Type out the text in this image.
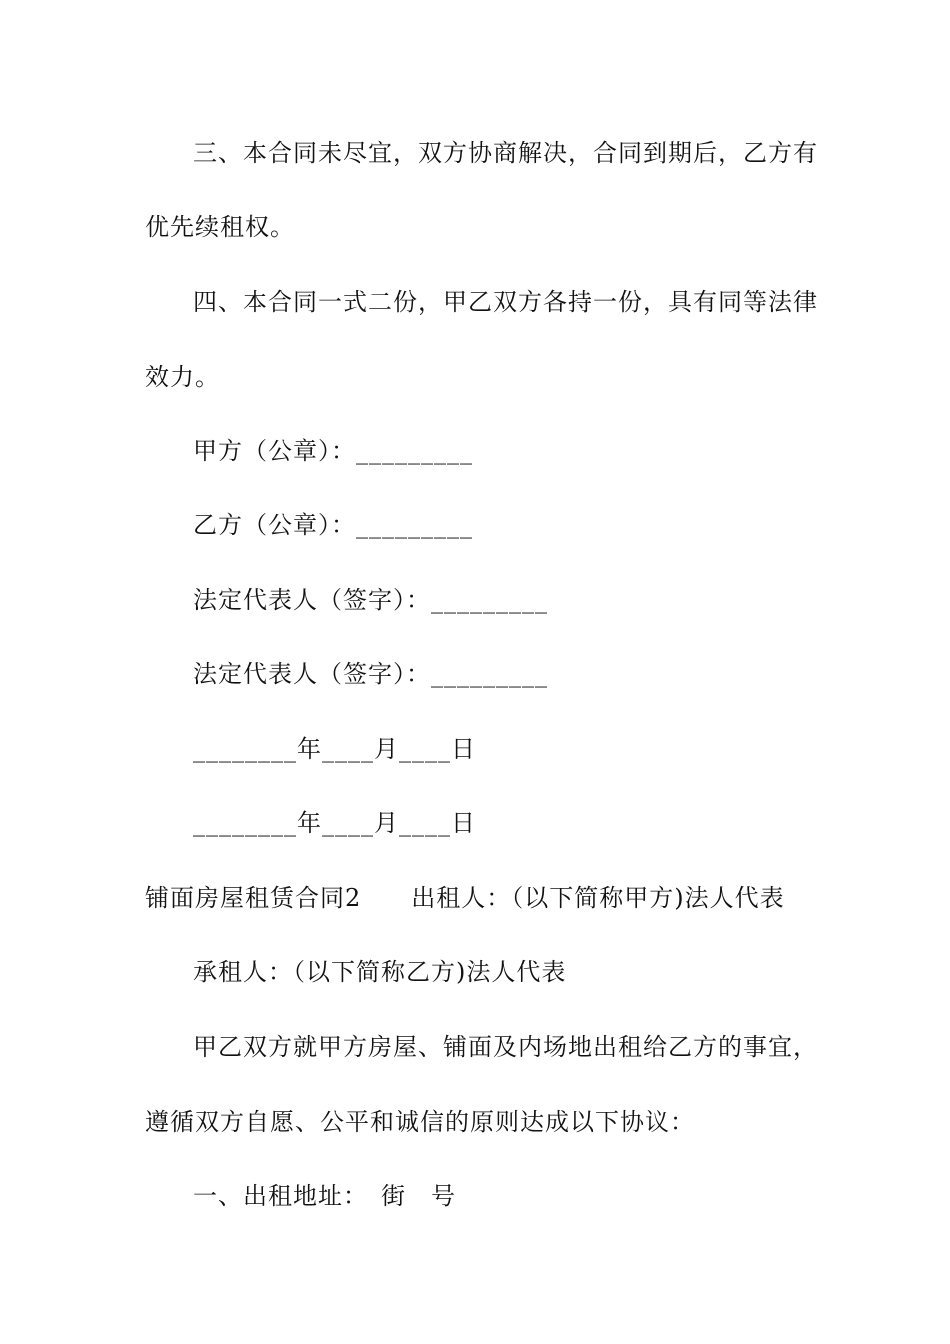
三、本合同未尽宜，双方协商解决，合同到期后，乙方有
优先续租权。
四、本合同一式二份，甲乙双方各持一份，具有同等法律
效力。
甲方（公章）：_________
乙方（公章）：_________
法定代表人（签字）：_________
法定代表人（签字）：_________
________年____月____日
________年____月____日
铺面房屋租赁合同2　　出租人：（以下简称甲方)法人代表
承租人：（以下简称乙方)法人代表
甲乙双方就甲方房屋、铺面及内场地出租给乙方的事宜，
遵循双方自愿、公平和诚信的原则达成以下协议：
一、出租地址：　街　号
